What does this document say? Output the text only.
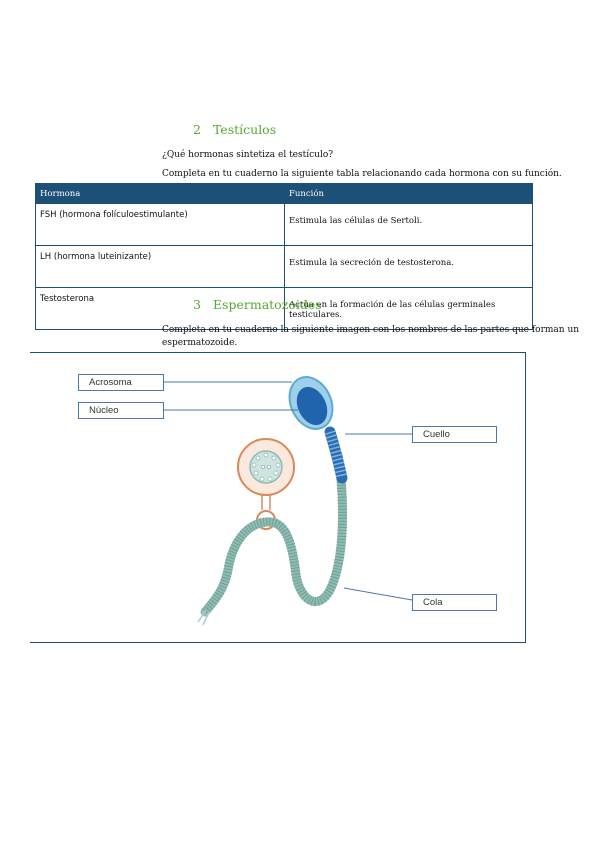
2 Testículos
¿Qué hormonas sintetiza el testículo?
Completa en tu cuaderno la siguiente tabla relacionando cada hormona con su función.
Hormona	Función
FSH (hormona folículoestimulante)	Estimula las células de Sertoli.
LH (hormona luteinizante)	Estimula la secreción de testosterona.
Testosterona	Actúa en la formación de las células germinales testiculares.
3 Espermatozoides
Completa en tu cuaderno la siguiente imagen con los nombres de las partes que forman un
espermatozoide.
Acrosoma
Núcleo
Cuello
Cola
